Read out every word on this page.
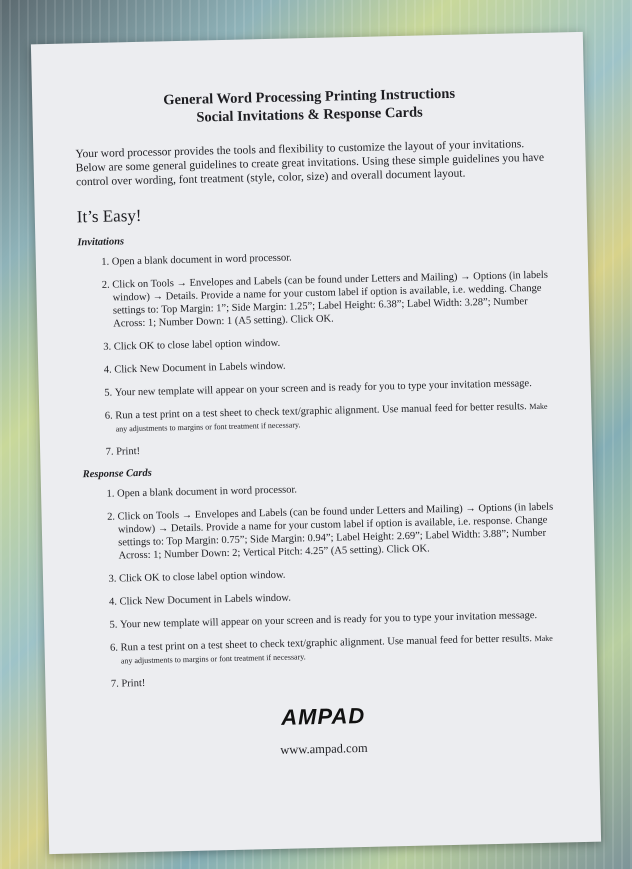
General Word Processing Printing Instructions
Social Invitations & Response Cards
Your word processor provides the tools and flexibility to customize the layout of your invitations. Below are some general guidelines to create great invitations. Using these simple guidelines you have control over wording, font treatment (style, color, size) and overall document layout.
It’s Easy!
Invitations
1. Open a blank document in word processor.
2. Click on Tools → Envelopes and Labels (can be found under Letters and Mailing) → Options (in labels window) → Details. Provide a name for your custom label if option is available, i.e. wedding. Change settings to: Top Margin: 1”; Side Margin: 1.25”; Label Height: 6.38”; Label Width: 3.28”; Number Across: 1; Number Down: 1 (A5 setting). Click OK.
3. Click OK to close label option window.
4. Click New Document in Labels window.
5. Your new template will appear on your screen and is ready for you to type your invitation message.
6. Run a test print on a test sheet to check text/graphic alignment. Use manual feed for better results. Make any adjustments to margins or font treatment if necessary.
7. Print!
Response Cards
1. Open a blank document in word processor.
2. Click on Tools → Envelopes and Labels (can be found under Letters and Mailing) → Options (in labels window) → Details. Provide a name for your custom label if option is available, i.e. response. Change settings to: Top Margin: 0.75”; Side Margin: 0.94”; Label Height: 2.69”; Label Width: 3.88”; Number Across: 1; Number Down: 2; Vertical Pitch: 4.25” (A5 setting). Click OK.
3. Click OK to close label option window.
4. Click New Document in Labels window.
5. Your new template will appear on your screen and is ready for you to type your invitation message.
6. Run a test print on a test sheet to check text/graphic alignment. Use manual feed for better results. Make any adjustments to margins or font treatment if necessary.
7. Print!
AMPAD
www.ampad.com
